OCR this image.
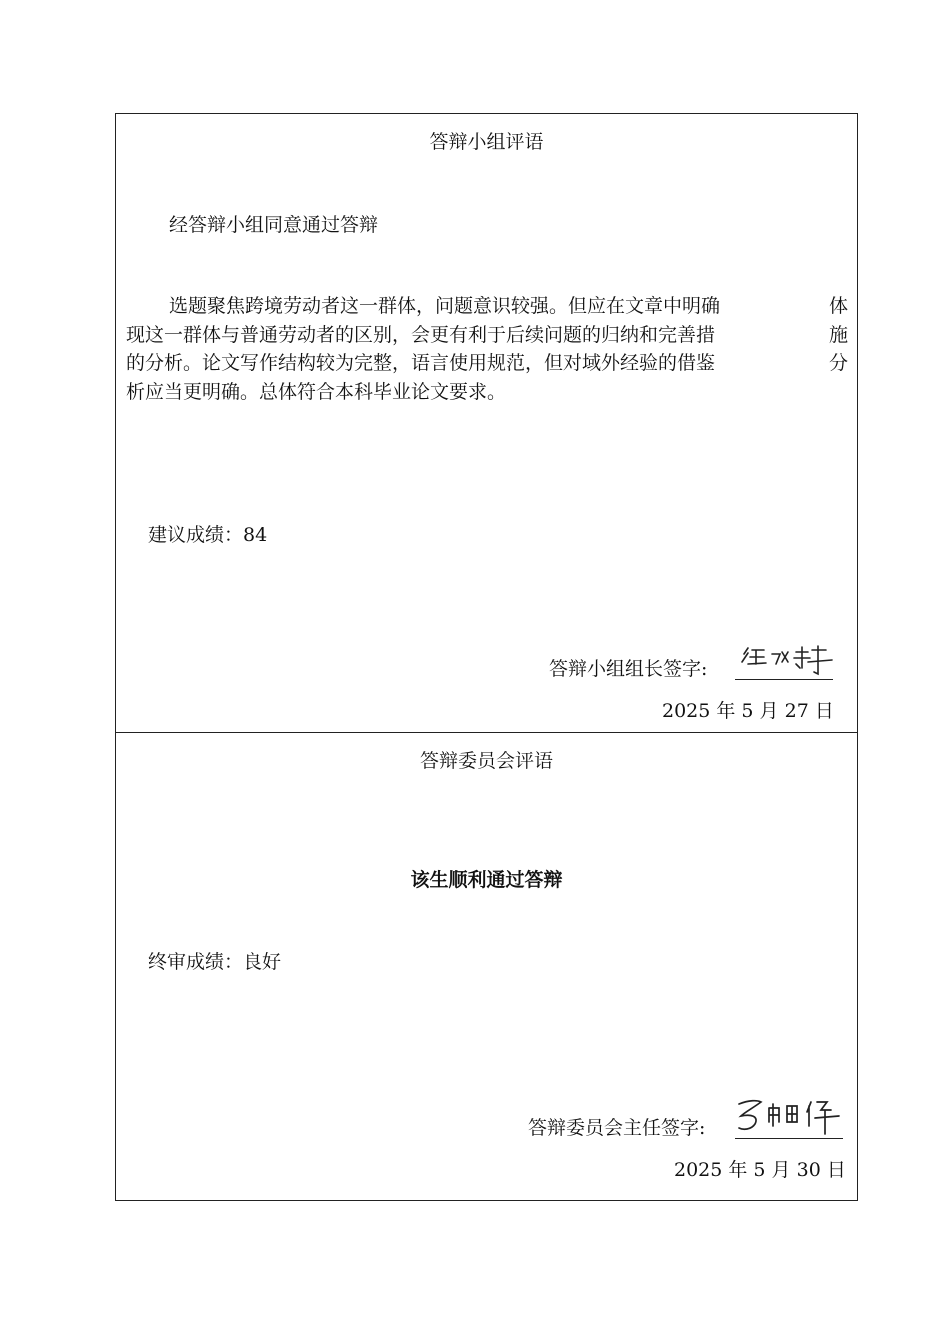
答辩小组评语
经答辩小组同意通过答辩
选题聚焦跨境劳动者这一群体，问题意识较强。但应在文章中明确	体
现这一群体与普通劳动者的区别，会更有利于后续问题的归纳和完善措	施
的分析。论文写作结构较为完整，语言使用规范，但对域外经验的借鉴	分
析应当更明确。总体符合本科毕业论文要求。
建议成绩：84
答辩小组组长签字:
2025 年 5 月 27 日
答辩委员会评语
该生顺利通过答辩
终审成绩：良好
答辩委员会主任签字:
2025 年 5 月 30 日
